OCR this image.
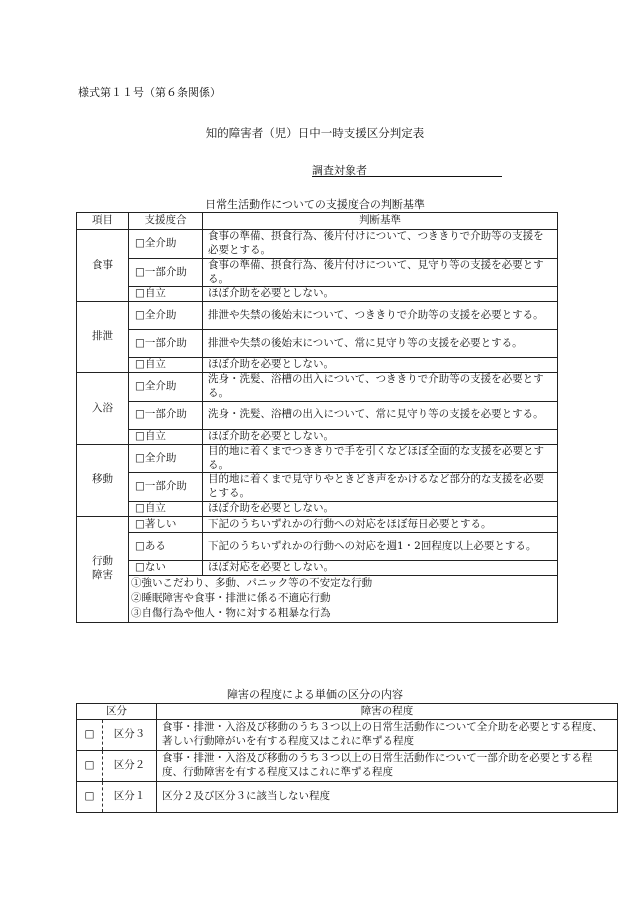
様式第１１号（第６条関係）
知的障害者（児）日中一時支援区分判定表
調査対象者
日常生活動作についての支援度合の判断基準
項目	支援度合	判断基準
食事	□全介助	食事の準備、摂食行為、後片付けについて、つききりで介助等の支援を必要とする。
	□一部介助	食事の準備、摂食行為、後片付けについて、見守り等の支援を必要とする。
	□自立	ほぼ介助を必要としない。
排泄	□全介助	排泄や失禁の後始末について、つききりで介助等の支援を必要とする。
	□一部介助	排泄や失禁の後始末について、常に見守り等の支援を必要とする。
	□自立	ほぼ介助を必要としない。
入浴	□全介助	洗身・洗髪、浴槽の出入について、つききりで介助等の支援を必要とする。
	□一部介助	洗身・洗髪、浴槽の出入について、常に見守り等の支援を必要とする。
	□自立	ほぼ介助を必要としない。
移動	□全介助	目的地に着くまでつききりで手を引くなどほぼ全面的な支援を必要とする。
	□一部介助	目的地に着くまで見守りやときどき声をかけるなど部分的な支援を必要とする。
	□自立	ほぼ介助を必要としない。
行動
障害	□著しい	下記のうちいずれかの行動への対応をほぼ毎日必要とする。
	□ある	下記のうちいずれかの行動への対応を週1・2回程度以上必要とする。
	□ない	ほぼ対応を必要としない。

	①強いこだわり、多動、パニック等の不安定な行動
②睡眠障害や食事・排泄に係る不適応行動
③自傷行為や他人・物に対する粗暴な行為	
障害の程度による単価の区分の内容
区分		障害の程度
□	区分３	食事・排泄・入浴及び移動のうち３つ以上の日常生活動作について全介助を必要とする程度、著しい行動障がいを有する程度又はこれに準ずる程度
□	区分２	食事・排泄・入浴及び移動のうち３つ以上の日常生活動作について一部介助を必要とする程度、行動障害を有する程度又はこれに準ずる程度
□	区分１	区分２及び区分３に該当しない程度
